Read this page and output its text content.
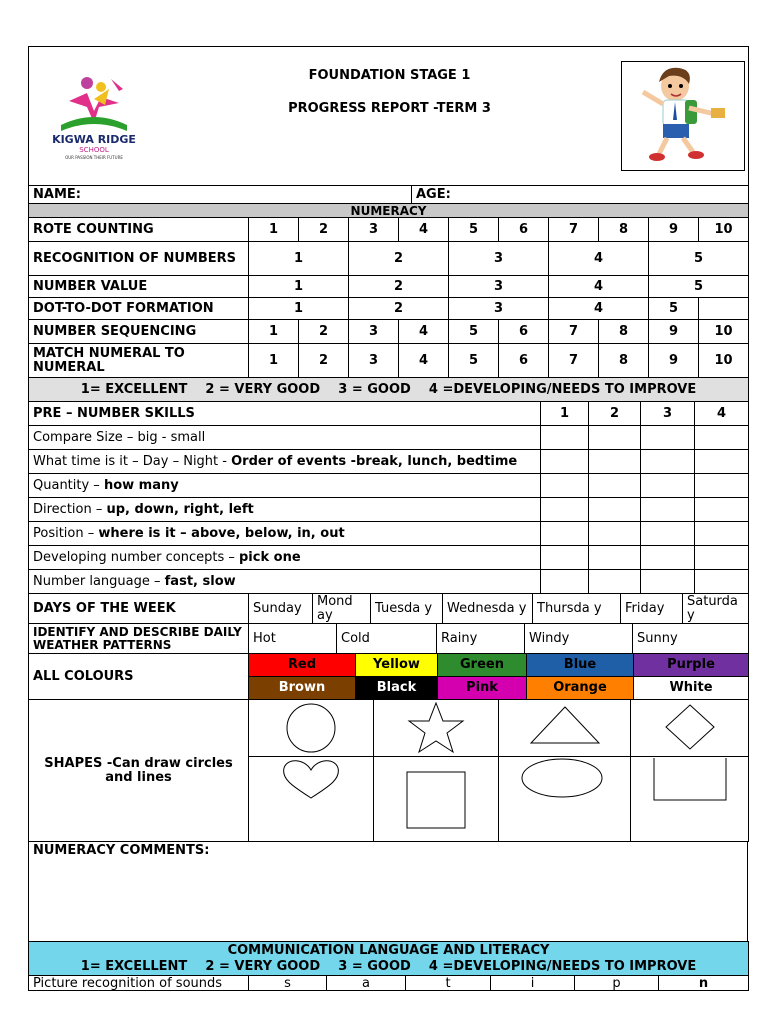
KIGWA RIDGE
SCHOOL
OUR PASSION THEIR FUTURE

FOUNDATION STAGE 1
PROGRESS REPORT -TERM 3

NAME:	AGE:
NUMERACY										
ROTE COUNTING	1	2	3	4	5	6	7	8	9	10
RECOGNITION OF NUMBERS	1		2		3		4		5	
NUMBER VALUE	1		2		3		4		5	
DOT-TO-DOT FORMATION	1		2		3		4		5	
NUMBER SEQUENCING	1	2	3	4	5	6	7	8	9	10
MATCH NUMERAL TO NUMERAL	1	2	3	4	5	6	7	8	9	10
1= EXCELLENT    2 = VERY GOOD    3 = GOOD    4 =DEVELOPING/NEEDS TO IMPROVE										
PRE – NUMBER SKILLS	1	2	3	4
Compare Size – big - small				
What time is it – Day – Night - Order of events -break, lunch, bedtime				
Quantity – how many				
Direction – up, down, right, left				
Position – where is it – above, below, in, out				
Developing number concepts – pick one				
Number language – fast, slow				
DAYS OF THE WEEK	Sunday	Mond ay	Tuesda y	Wednesda y	Thursda y	Friday	Saturda y
IDENTIFY AND DESCRIBE DAILY WEATHER PATTERNS	Hot	Cold	Rainy	Windy	Sunny
ALL COLOURS	Red	Yellow	Green	Blue	Purple
	Brown	Black	Pink	Orange	White
SHAPES -Can draw circles and lines	

NUMERACY COMMENTS:
COMMUNICATION LANGUAGE AND LITERACY
1= EXCELLENT    2 = VERY GOOD    3 = GOOD    4 =DEVELOPING/NEEDS TO IMPROVE

Picture recognition of sounds	s	a	t	i	p	n
